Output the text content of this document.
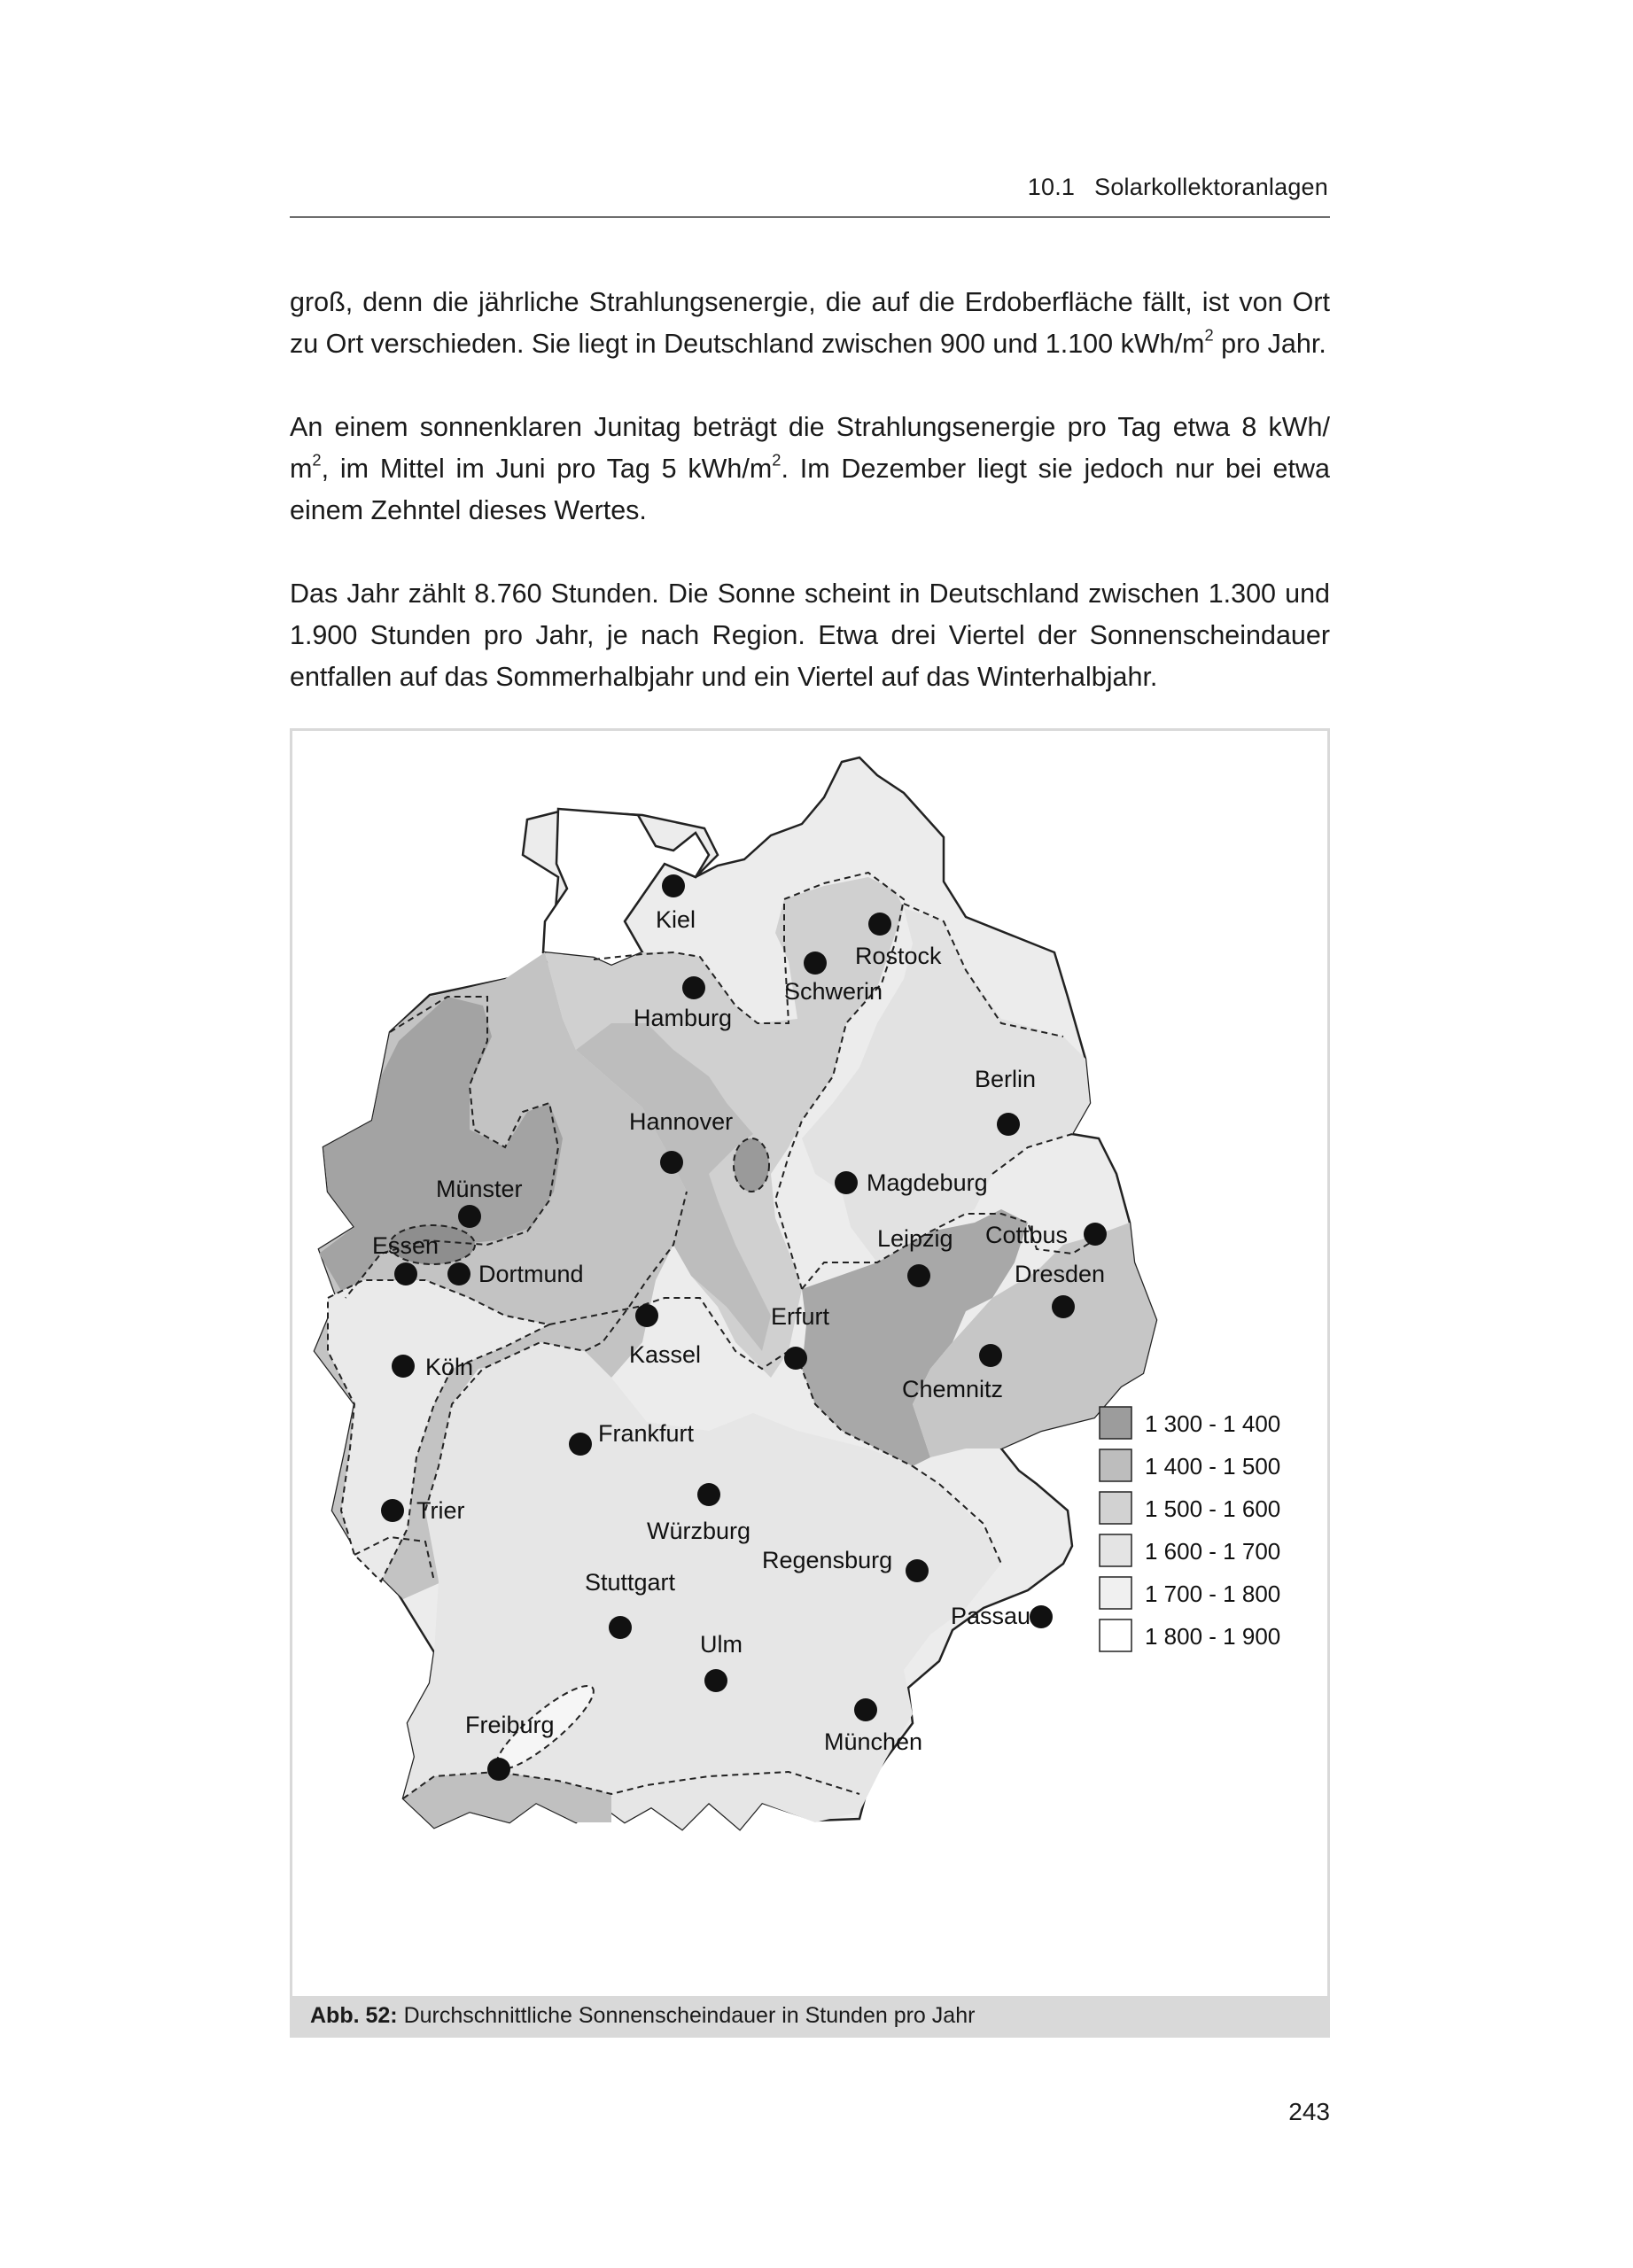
10.1 Solarkollektoranlagen

groß, denn die jährliche Strahlungsenergie, die auf die Erdoberfläche fällt, ist von Ort zu Ort verschieden. Sie liegt in Deutschland zwischen 900 und 1.100 kWh/$m^2$ pro Jahr.

An einem sonnenklaren Junitag beträgt die Strahlungsenergie pro Tag etwa 8 kWh/ $m^2$, im Mittel im Juni pro Tag 5 kWh/$m^2$. Im Dezember liegt sie jedoch nur bei etwa einem Zehntel dieses Wertes.

Das Jahr zählt 8.760 Stunden. Die Sonne scheint in Deutschland zwischen 1.300 und 1.900 Stunden pro Jahr, je nach Region. Etwa drei Viertel der Sonnenscheindauer entfallen auf das Sommerhalbjahr und ein Viertel auf das Winterhalbjahr.

Kiel
Rostock
Hamburg
Schwerin
Berlin
Hannover
Magdeburg
Münster
Cottbus
Essen
Dortmund
Leipzig
Dresden
Erfurt
Köln	Kassel
Chemnitz
Frankfurt
Trier
Würzburg
Regensburg
Stuttgart
Passau
Ulm
Freiburg
München
1 300 - 1 400
1 400 - 1 500
1 500 - 1 600
1 600 - 1 700
1 700 - 1 800
1 800 - 1 900
Abb. 52: Durchschnittliche Sonnenscheindauer in Stunden pro Jahr
243
